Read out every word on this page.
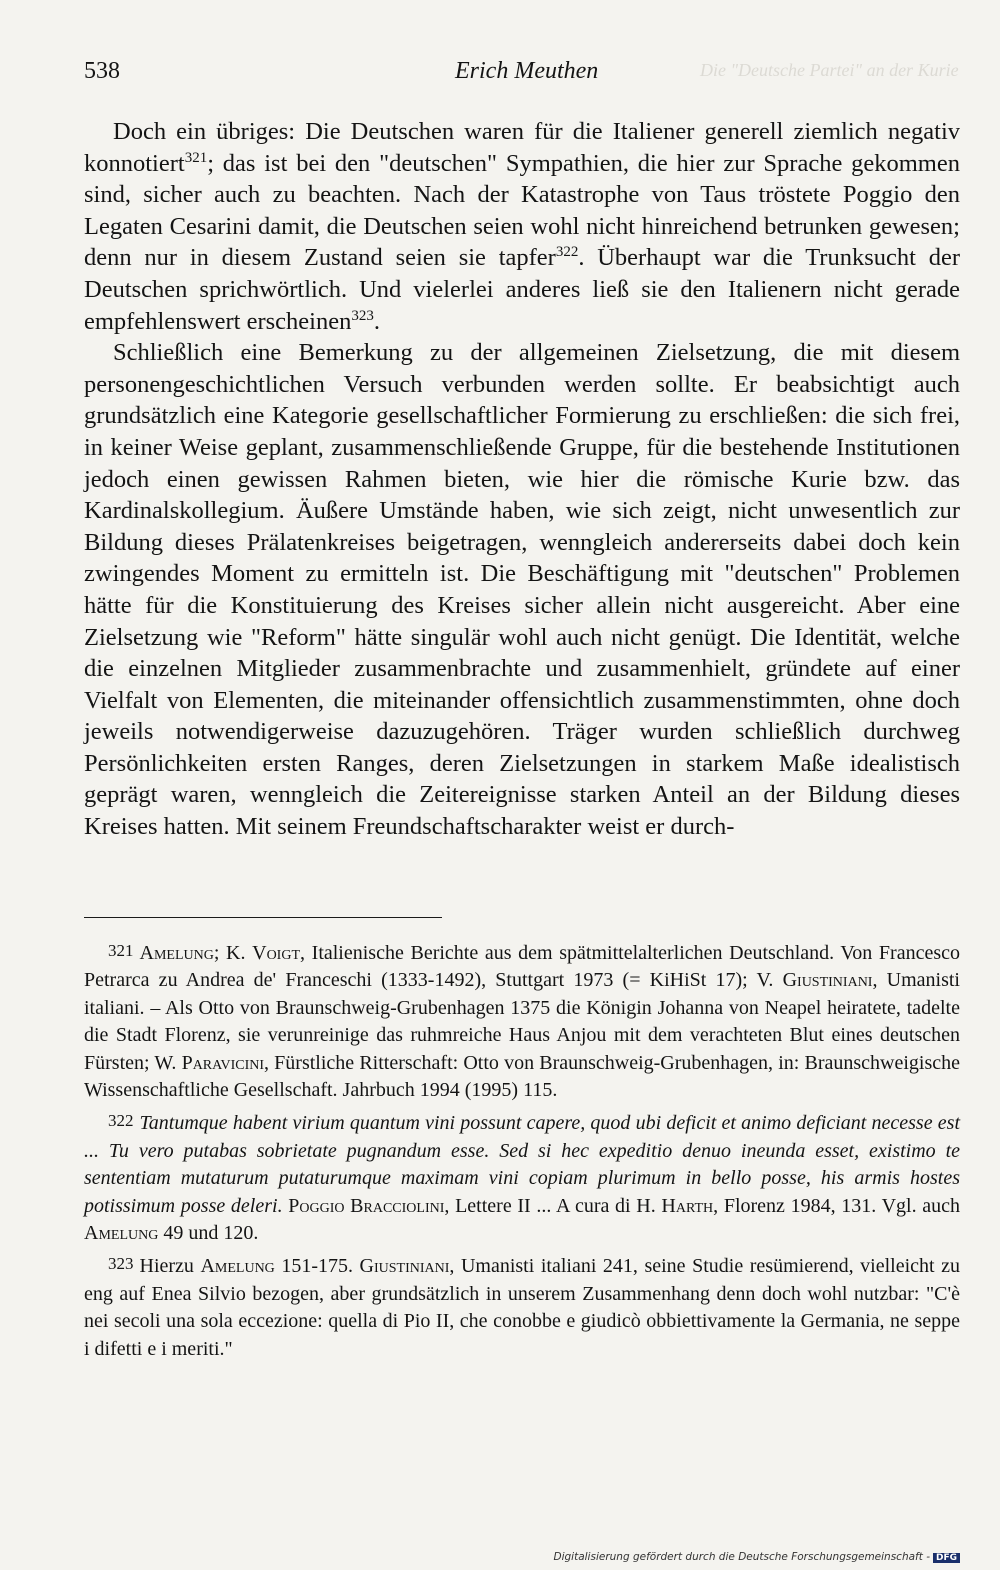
Die "Deutsche Partei" an der Kurie
538	Erich Meuthen

Doch ein übriges: Die Deutschen waren für die Italiener generell ziemlich negativ konnotiert$^{321}$; das ist bei den "deutschen" Sympathien, die hier zur Sprache gekommen sind, sicher auch zu beachten. Nach der Katastrophe von Taus tröstete Poggio den Legaten Cesarini damit, die Deutschen seien wohl nicht hinreichend betrunken gewesen; denn nur in diesem Zustand seien sie tapfer$^{322}$. Überhaupt war die Trunksucht der Deutschen sprichwörtlich. Und vielerlei anderes ließ sie den Italienern nicht gerade empfehlenswert erscheinen$^{323}$.

Schließlich eine Bemerkung zu der allgemeinen Zielsetzung, die mit diesem personengeschichtlichen Versuch verbunden werden sollte. Er beabsichtigt auch grundsätzlich eine Kategorie gesellschaftlicher Formierung zu erschließen: die sich frei, in keiner Weise geplant, zusammenschließende Gruppe, für die bestehende Institutionen jedoch einen gewissen Rahmen bieten, wie hier die römische Kurie bzw. das Kardinalskollegium. Äußere Umstände haben, wie sich zeigt, nicht unwesentlich zur Bildung dieses Prälatenkreises beigetragen, wenngleich andererseits dabei doch kein zwingendes Moment zu ermitteln ist. Die Beschäftigung mit "deutschen" Problemen hätte für die Konstituierung des Kreises sicher allein nicht ausgereicht. Aber eine Zielsetzung wie "Reform" hätte singulär wohl auch nicht genügt. Die Identität, welche die einzelnen Mitglieder zusammenbrachte und zusammenhielt, gründete auf einer Vielfalt von Elementen, die miteinander offensichtlich zusammenstimmten, ohne doch jeweils notwendigerweise dazuzugehören. Träger wurden schließlich durchweg Persönlichkeiten ersten Ranges, deren Zielsetzungen in starkem Maße idealistisch geprägt waren, wenngleich die Zeitereignisse starken Anteil an der Bildung dieses Kreises hatten. Mit seinem Freundschaftscharakter weist er durch-

321 Amelung; K. Voigt, Italienische Berichte aus dem spätmittelalterlichen Deutschland. Von Francesco Petrarca zu Andrea de' Franceschi (1333-1492), Stuttgart 1973 (= KiHiSt 17); V. Giustiniani, Umanisti italiani. – Als Otto von Braunschweig-Grubenhagen 1375 die Königin Johanna von Neapel heiratete, tadelte die Stadt Florenz, sie verunreinige das ruhmreiche Haus Anjou mit dem verachteten Blut eines deutschen Fürsten; W. Paravicini, Fürstliche Ritterschaft: Otto von Braunschweig-Grubenhagen, in: Braunschweigische Wissenschaftliche Gesellschaft. Jahrbuch 1994 (1995) 115.

322 Tantumque habent virium quantum vini possunt capere, quod ubi deficit et animo deficiant necesse est ... Tu vero putabas sobrietate pugnandum esse. Sed si hec expeditio denuo ineunda esset, existimo te sententiam mutaturum putaturumque maximam vini copiam plurimum in bello posse, his armis hostes potissimum posse deleri. Poggio Bracciolini, Lettere II ... A cura di H. Harth, Florenz 1984, 131. Vgl. auch Amelung 49 und 120.

323 Hierzu Amelung 151-175. Giustiniani, Umanisti italiani 241, seine Studie resümierend, vielleicht zu eng auf Enea Silvio bezogen, aber grundsätzlich in unserem Zusammenhang denn doch wohl nutzbar: "C'è nei secoli una sola eccezione: quella di Pio II, che conobbe e giudicò obbiettivamente la Germania, ne seppe i difetti e i meriti."

Digitalisierung gefördert durch die Deutsche Forschungsgemeinschaft - DFG
